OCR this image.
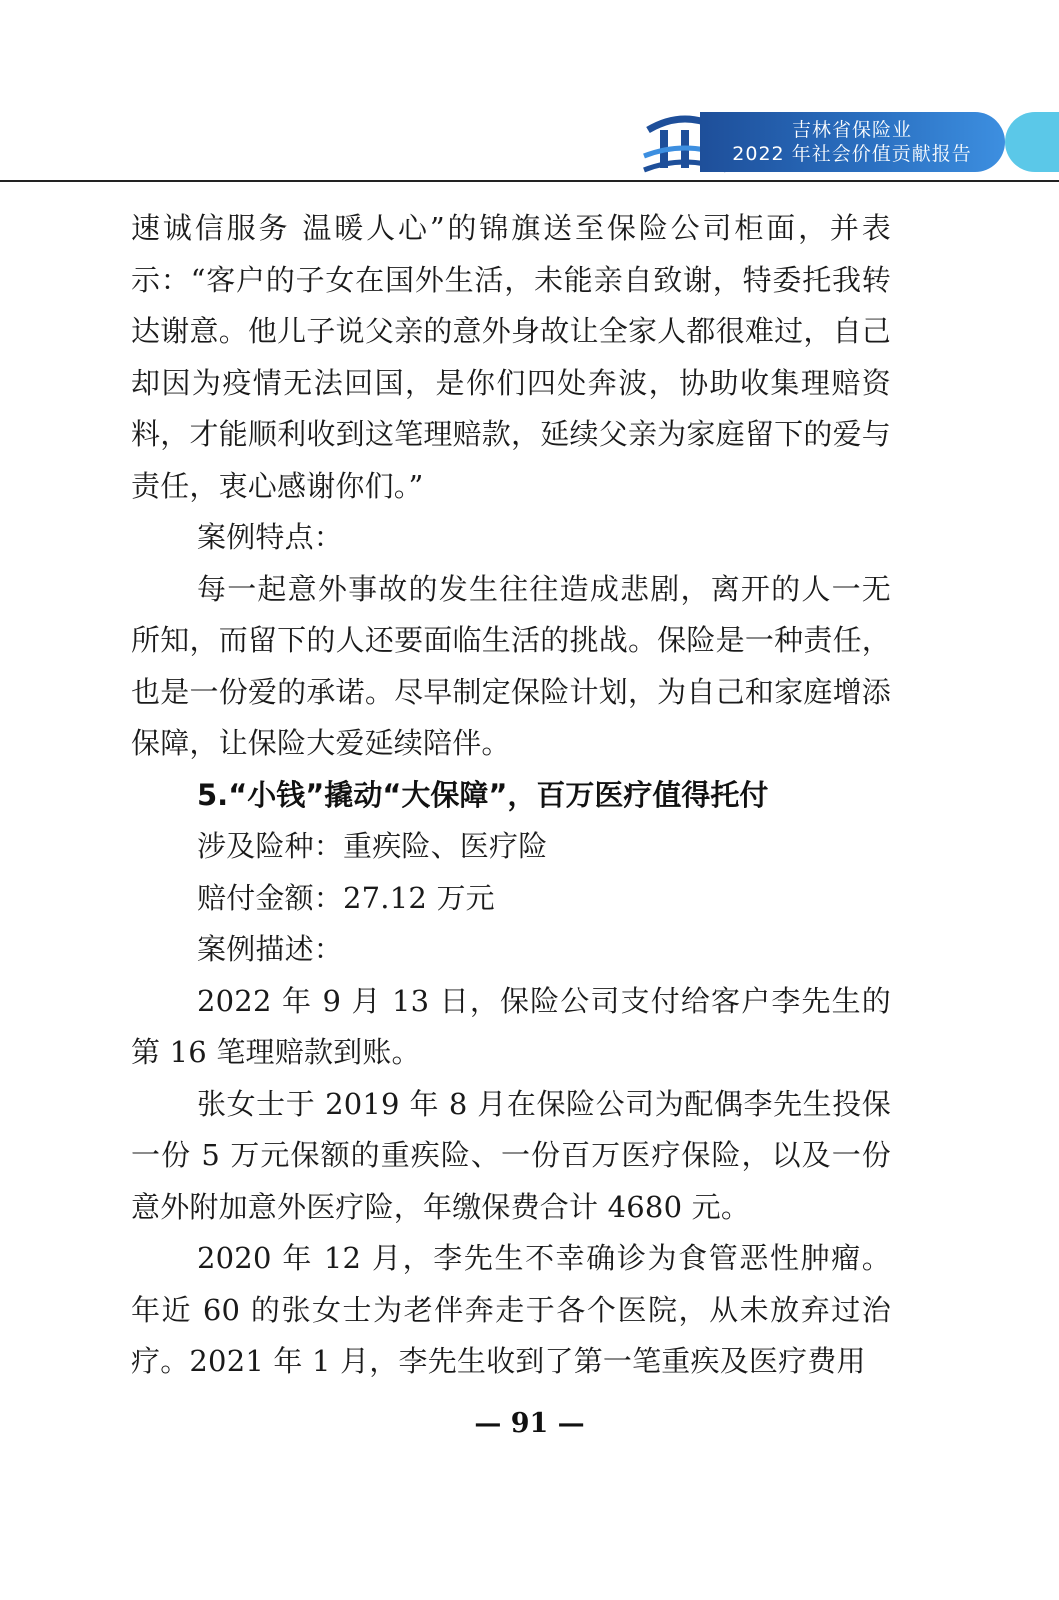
吉林省保险业
2022 年社会价值贡献报告

速诚信服务 温暖人心”的锦旗送至保险公司柜面，并表示：“客户的子女在国外生活，未能亲自致谢，特委托我转达谢意。他儿子说父亲的意外身故让全家人都很难过，自己却因为疫情无法回国，是你们四处奔波，协助收集理赔资料，才能顺利收到这笔理赔款，延续父亲为家庭留下的爱与责任，衷心感谢你们。”

案例特点：

每一起意外事故的发生往往造成悲剧，离开的人一无所知，而留下的人还要面临生活的挑战。保险是一种责任，也是一份爱的承诺。尽早制定保险计划，为自己和家庭增添保障，让保险大爱延续陪伴。

5.“小钱”撬动“大保障”，百万医疗值得托付

涉及险种：重疾险、医疗险

赔付金额：27.12 万元

案例描述：

2022 年 9 月 13 日，保险公司支付给客户李先生的第 16 笔理赔款到账。

张女士于 2019 年 8 月在保险公司为配偶李先生投保一份 5 万元保额的重疾险、一份百万医疗保险，以及一份意外附加意外医疗险，年缴保费合计 4680 元。

2020 年 12 月，李先生不幸确诊为食管恶性肿瘤。年近 60 的张女士为老伴奔走于各个医院，从未放弃过治疗。2021 年 1 月，李先生收到了第一笔重疾及医疗费用

— 91 —
